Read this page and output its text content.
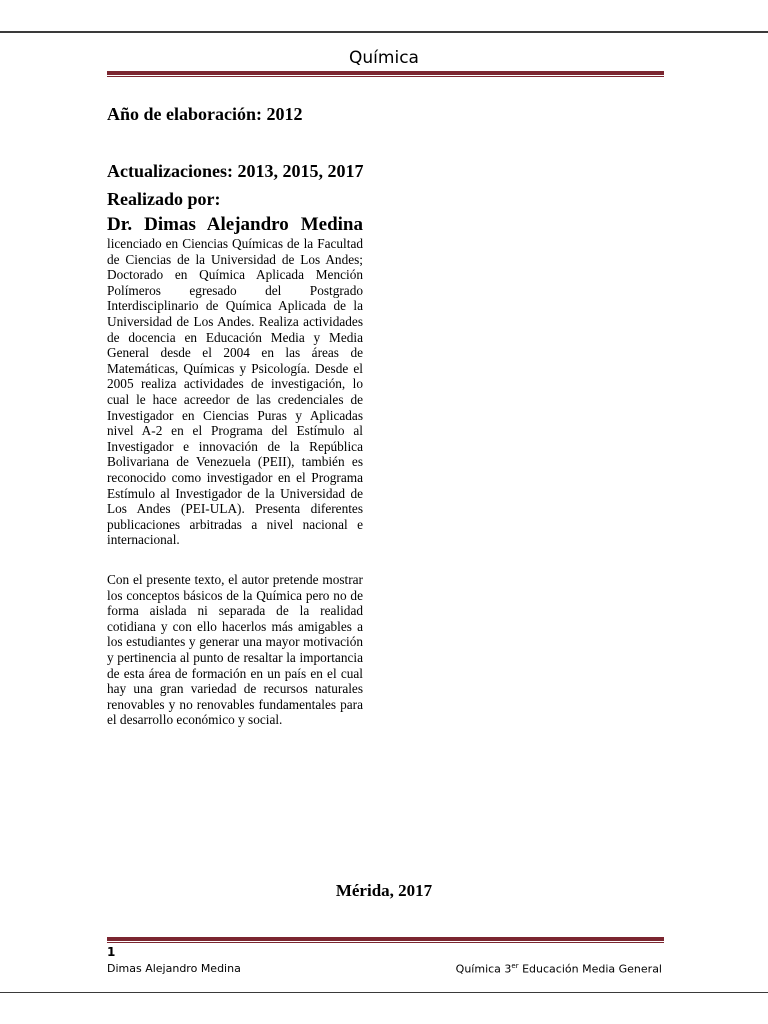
Química
Año de elaboración: 2012
Actualizaciones: 2013, 2015, 2017
Realizado por:
Dr. Dimas Alejandro Medina
licenciado en Ciencias Químicas de la Facultad de Ciencias de la Universidad de Los Andes; Doctorado en Química Aplicada Mención Polímeros egresado del Postgrado Interdisciplinario de Química Aplicada de la Universidad de Los Andes. Realiza actividades de docencia en Educación Media y Media General desde el 2004 en las áreas de Matemáticas, Químicas y Psicología. Desde el 2005 realiza actividades de investigación, lo cual le hace acreedor de las credenciales de Investigador en Ciencias Puras y Aplicadas nivel A-2 en el Programa del Estímulo al Investigador e innovación de la República Bolivariana de Venezuela (PEII), también es reconocido como investigador en el Programa Estímulo al Investigador de la Universidad de Los Andes (PEI-ULA). Presenta diferentes publicaciones arbitradas a nivel nacional e internacional.
Con el presente texto, el autor pretende mostrar los conceptos básicos de la Química pero no de forma aislada ni separada de la realidad cotidiana y con ello hacerlos más amigables a los estudiantes y generar una mayor motivación y pertinencia al punto de resaltar la importancia de esta área de formación en un país en el cual hay una gran variedad de recursos naturales renovables y no renovables fundamentales para el desarrollo económico y social.
Mérida, 2017
1
Dimas Alejandro Medina	Química 3er Educación Media General
